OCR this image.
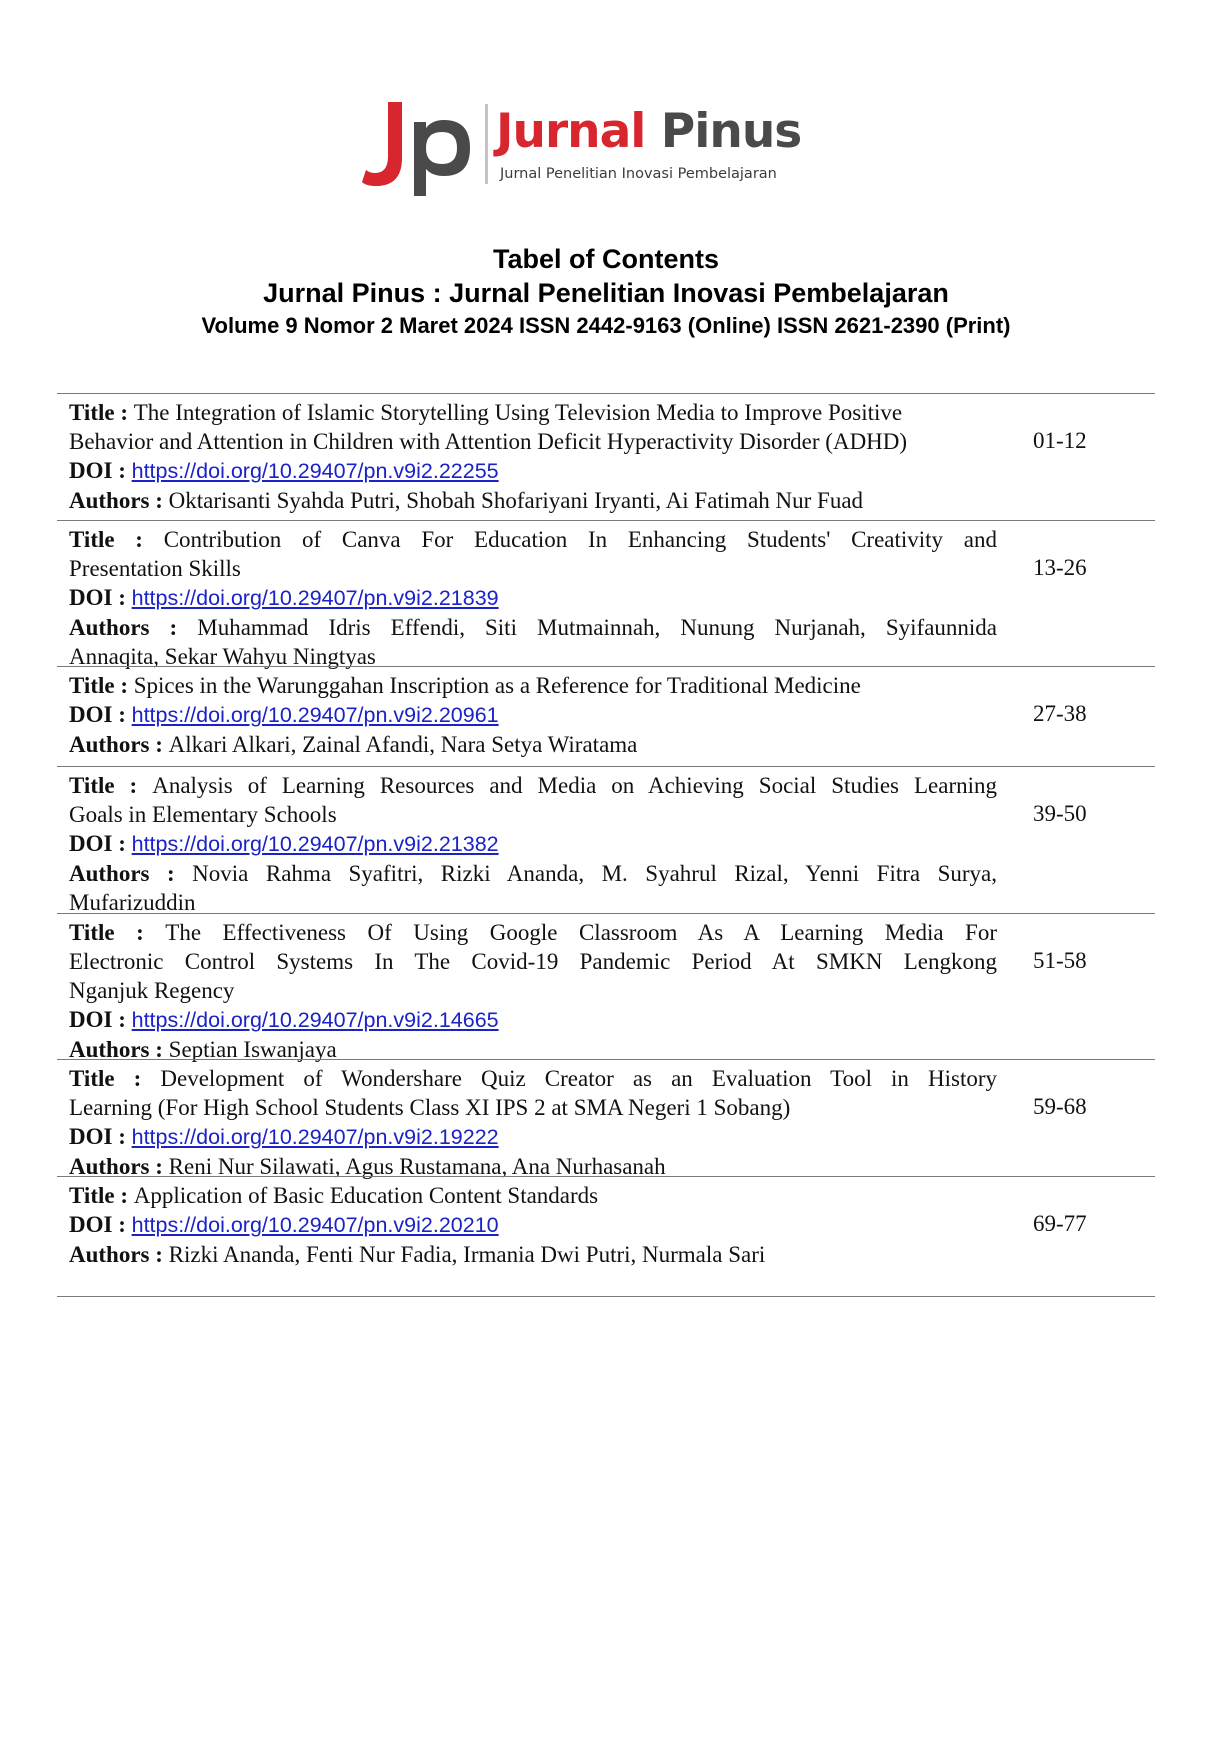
Jurnal Pinus
Jurnal Penelitian Inovasi Pembelajaran
Tabel of Contents
Jurnal Pinus : Jurnal Penelitian Inovasi Pembelajaran
Volume 9 Nomor 2 Maret 2024 ISSN 2442-9163 (Online) ISSN 2621-2390 (Print)
Title : The Integration of Islamic Storytelling Using Television Media to Improve Positive
Behavior and Attention in Children with Attention Deficit Hyperactivity Disorder (ADHD)
DOI : https://doi.org/10.29407/pn.v9i2.22255
Authors : Oktarisanti Syahda Putri, Shobah Shofariyani Iryanti, Ai Fatimah Nur Fuad
01-12
Title : Contribution of Canva For Education In Enhancing Students' Creativity and
Presentation Skills
DOI : https://doi.org/10.29407/pn.v9i2.21839
Authors : Muhammad Idris Effendi, Siti Mutmainnah, Nunung Nurjanah, Syifaunnida
Annaqita, Sekar Wahyu Ningtyas
13-26
Title : Spices in the Warunggahan Inscription as a Reference for Traditional Medicine
DOI : https://doi.org/10.29407/pn.v9i2.20961
Authors : Alkari Alkari, Zainal Afandi, Nara Setya Wiratama
27-38
Title : Analysis of Learning Resources and Media on Achieving Social Studies Learning
Goals in Elementary Schools
DOI : https://doi.org/10.29407/pn.v9i2.21382
Authors : Novia Rahma Syafitri, Rizki Ananda, M. Syahrul Rizal, Yenni Fitra Surya,
Mufarizuddin
39-50
Title : The Effectiveness Of Using Google Classroom As A Learning Media For
Electronic Control Systems In The Covid-19 Pandemic Period At SMKN Lengkong
Nganjuk Regency
DOI : https://doi.org/10.29407/pn.v9i2.14665
Authors : Septian Iswanjaya
51-58
Title : Development of Wondershare Quiz Creator as an Evaluation Tool in History
Learning (For High School Students Class XI IPS 2 at SMA Negeri 1 Sobang)
DOI : https://doi.org/10.29407/pn.v9i2.19222
Authors : Reni Nur Silawati, Agus Rustamana, Ana Nurhasanah
59-68
Title : Application of Basic Education Content Standards
DOI : https://doi.org/10.29407/pn.v9i2.20210
Authors : Rizki Ananda, Fenti Nur Fadia, Irmania Dwi Putri, Nurmala Sari
69-77
